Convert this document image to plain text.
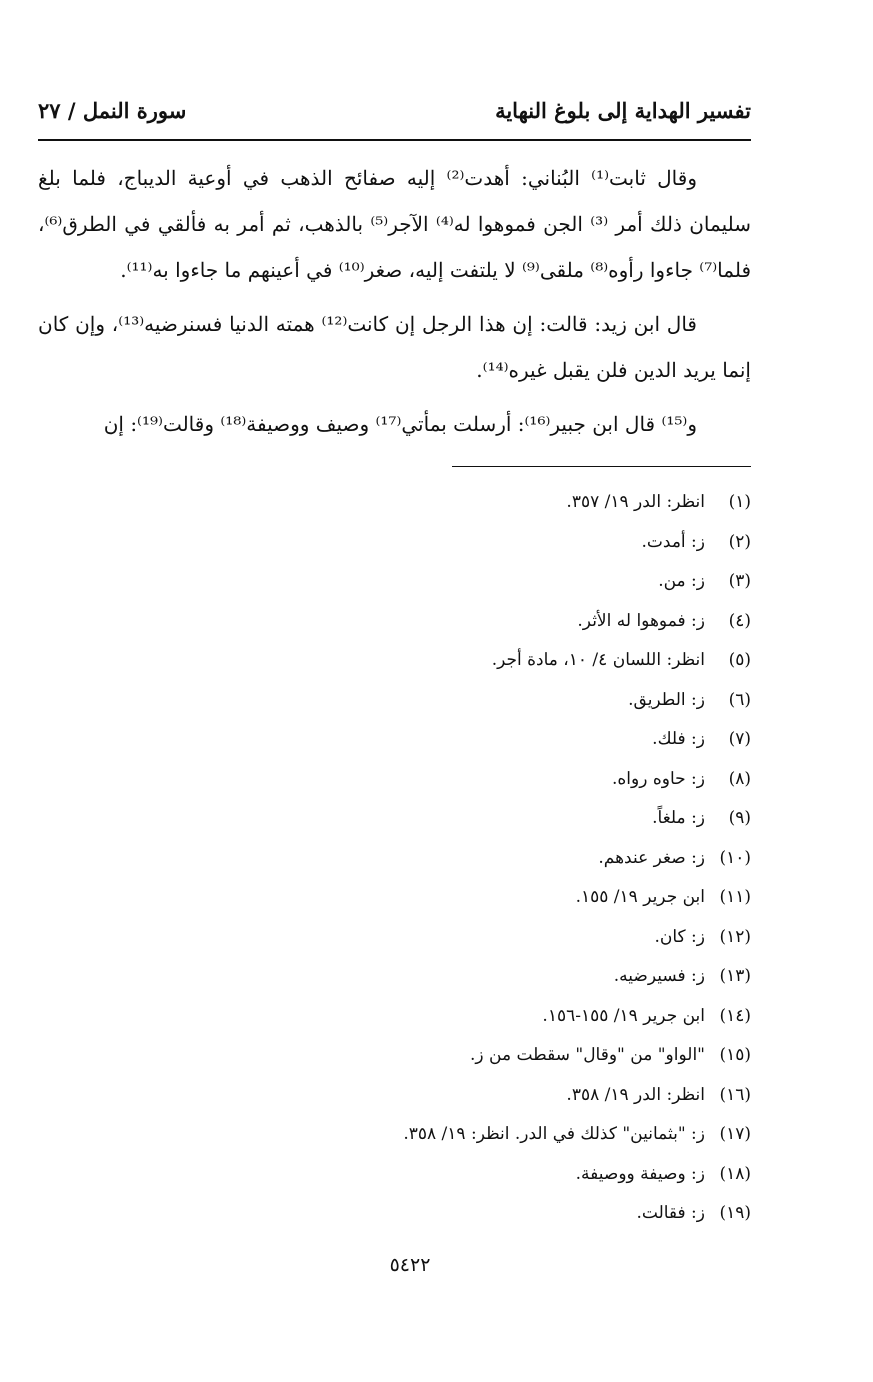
تفسير الهداية إلى بلوغ النهاية
سورة النمل / ٢٧

وقال ثابت⁽¹⁾ البُناني: أهدت⁽²⁾ إليه صفائح الذهب في أوعية الديباج، فلما بلغ سليمان ذلك أمر ⁽³⁾ الجن فموهوا له⁽⁴⁾ الآجر⁽⁵⁾ بالذهب، ثم أمر به فألقي في الطرق⁽⁶⁾، فلما⁽⁷⁾ جاءوا رأوه⁽⁸⁾ ملقى⁽⁹⁾ لا يلتفت إليه، صغر⁽¹⁰⁾ في أعينهم ما جاءوا به⁽¹¹⁾.

قال ابن زيد: قالت: إن هذا الرجل إن كانت⁽¹²⁾ همته الدنيا فسنرضيه⁽¹³⁾، وإن كان إنما يريد الدين فلن يقبل غيره⁽¹⁴⁾.

و⁽¹⁵⁾ قال ابن جبير⁽¹⁶⁾: أرسلت بمأتي⁽¹⁷⁾ وصيف ووصيفة⁽¹⁸⁾ وقالت⁽¹⁹⁾: إن

(١)انظر: الدر ١٩/ ٣٥٧.
(٢)ز: أمدت.
(٣)ز: من.
(٤)ز: فموهوا له الأثر.
(٥)انظر: اللسان ٤/ ١٠، مادة أجر.
(٦)ز: الطريق.
(٧)ز: فلك.
(٨)ز: حاوه رواه.
(٩)ز: ملغاً.
(١٠)ز: صغر عندهم.
(١١)ابن جرير ١٩/ ١٥٥.
(١٢)ز: كان.
(١٣)ز: فسيرضيه.
(١٤)ابن جرير ١٩/ ١٥٥-١٥٦.
(١٥)"الواو" من "وقال" سقطت من ز.
(١٦)انظر: الدر ١٩/ ٣٥٨.
(١٧)ز: "بثمانين" كذلك في الدر. انظر: ١٩/ ٣٥٨.
(١٨)ز: وصيفة ووصيفة.
(١٩)ز: فقالت.
٥٤٢٢
